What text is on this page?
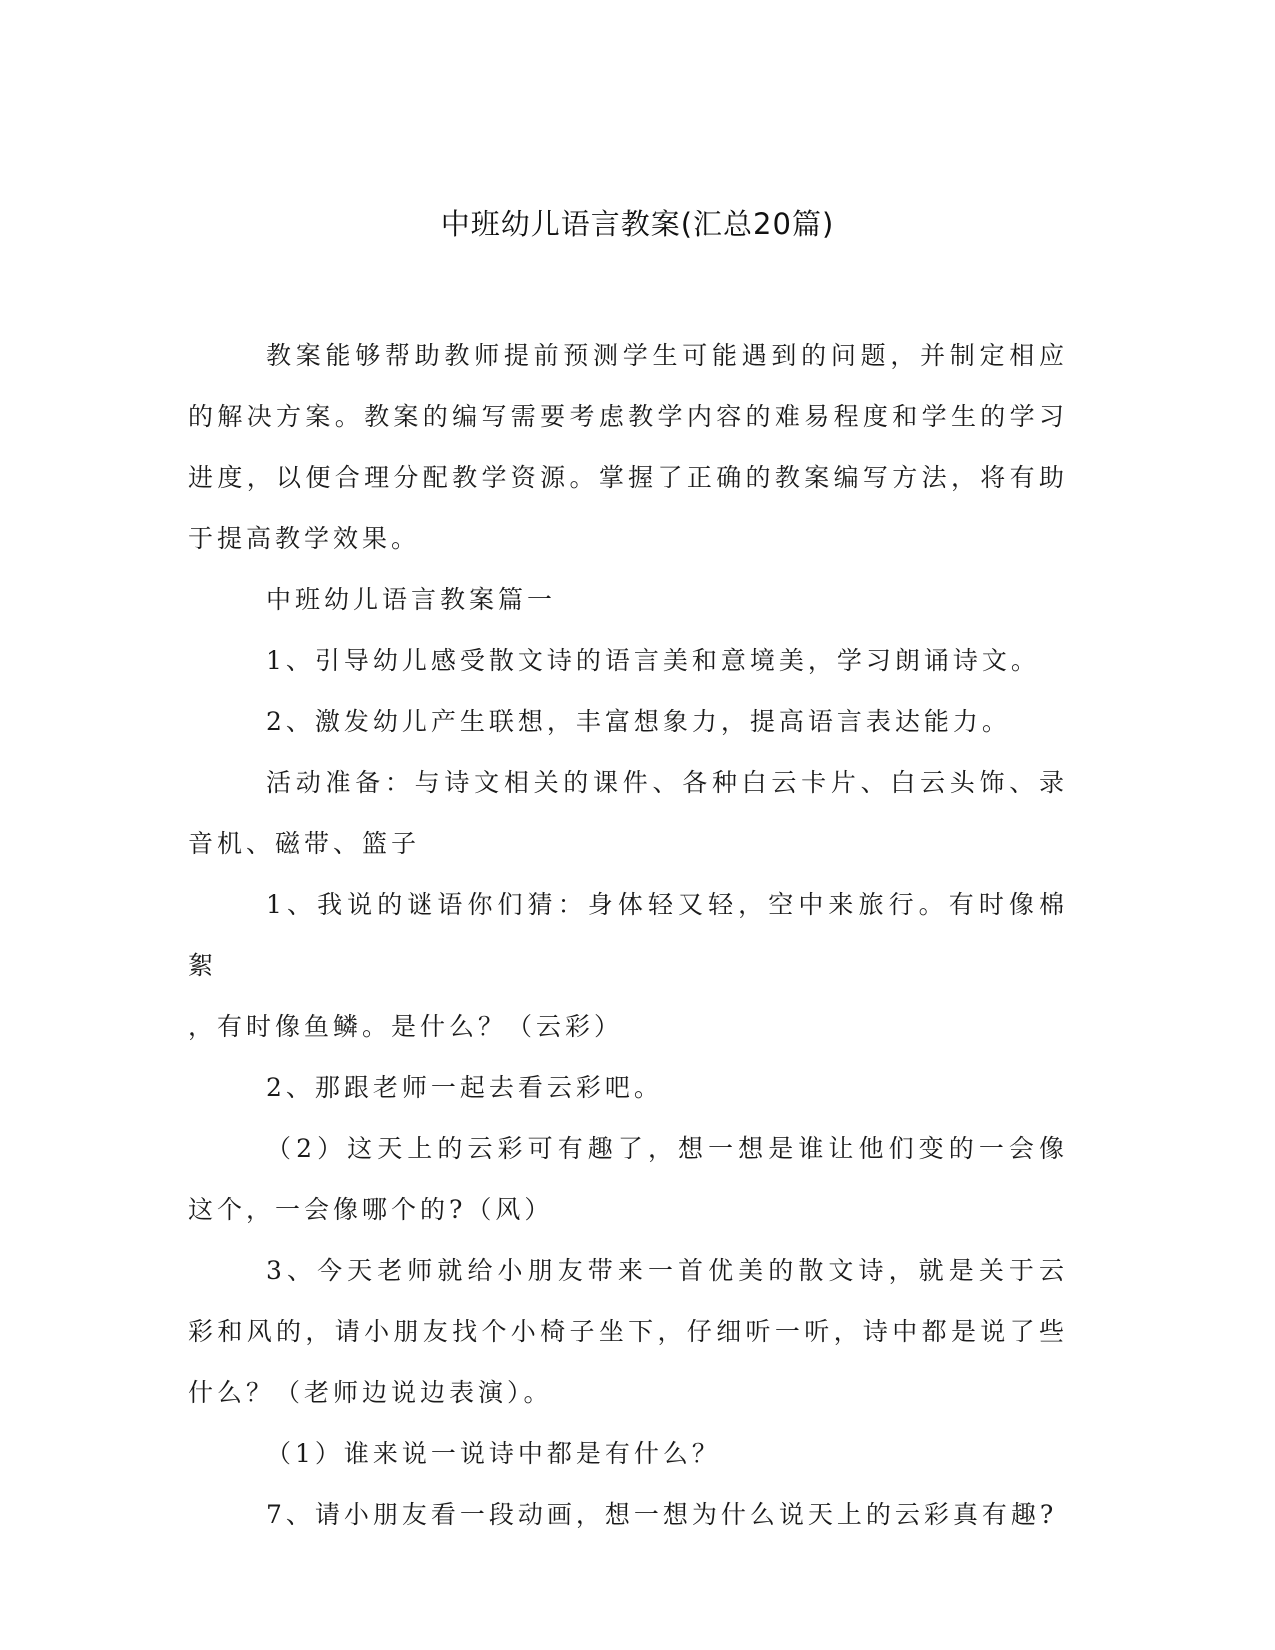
中班幼儿语言教案(汇总20篇)

教案能够帮助教师提前预测学生可能遇到的问题，并制定相应的解决方案。教案的编写需要考虑教学内容的难易程度和学生的学习进度，以便合理分配教学资源。掌握了正确的教案编写方法，将有助于提高教学效果。

中班幼儿语言教案篇一

1、引导幼儿感受散文诗的语言美和意境美，学习朗诵诗文。

2、激发幼儿产生联想，丰富想象力，提高语言表达能力。

活动准备：与诗文相关的课件、各种白云卡片、白云头饰、录音机、磁带、篮子

1、我说的谜语你们猜：身体轻又轻，空中来旅行。有时像棉絮

，有时像鱼鳞。是什么？（云彩）

2、那跟老师一起去看云彩吧。

（2）这天上的云彩可有趣了，想一想是谁让他们变的一会像这个，一会像哪个的?（风）

3、今天老师就给小朋友带来一首优美的散文诗，就是关于云彩和风的，请小朋友找个小椅子坐下，仔细听一听，诗中都是说了些什么？（老师边说边表演）。

（1）谁来说一说诗中都是有什么？

7、请小朋友看一段动画，想一想为什么说天上的云彩真有趣?
